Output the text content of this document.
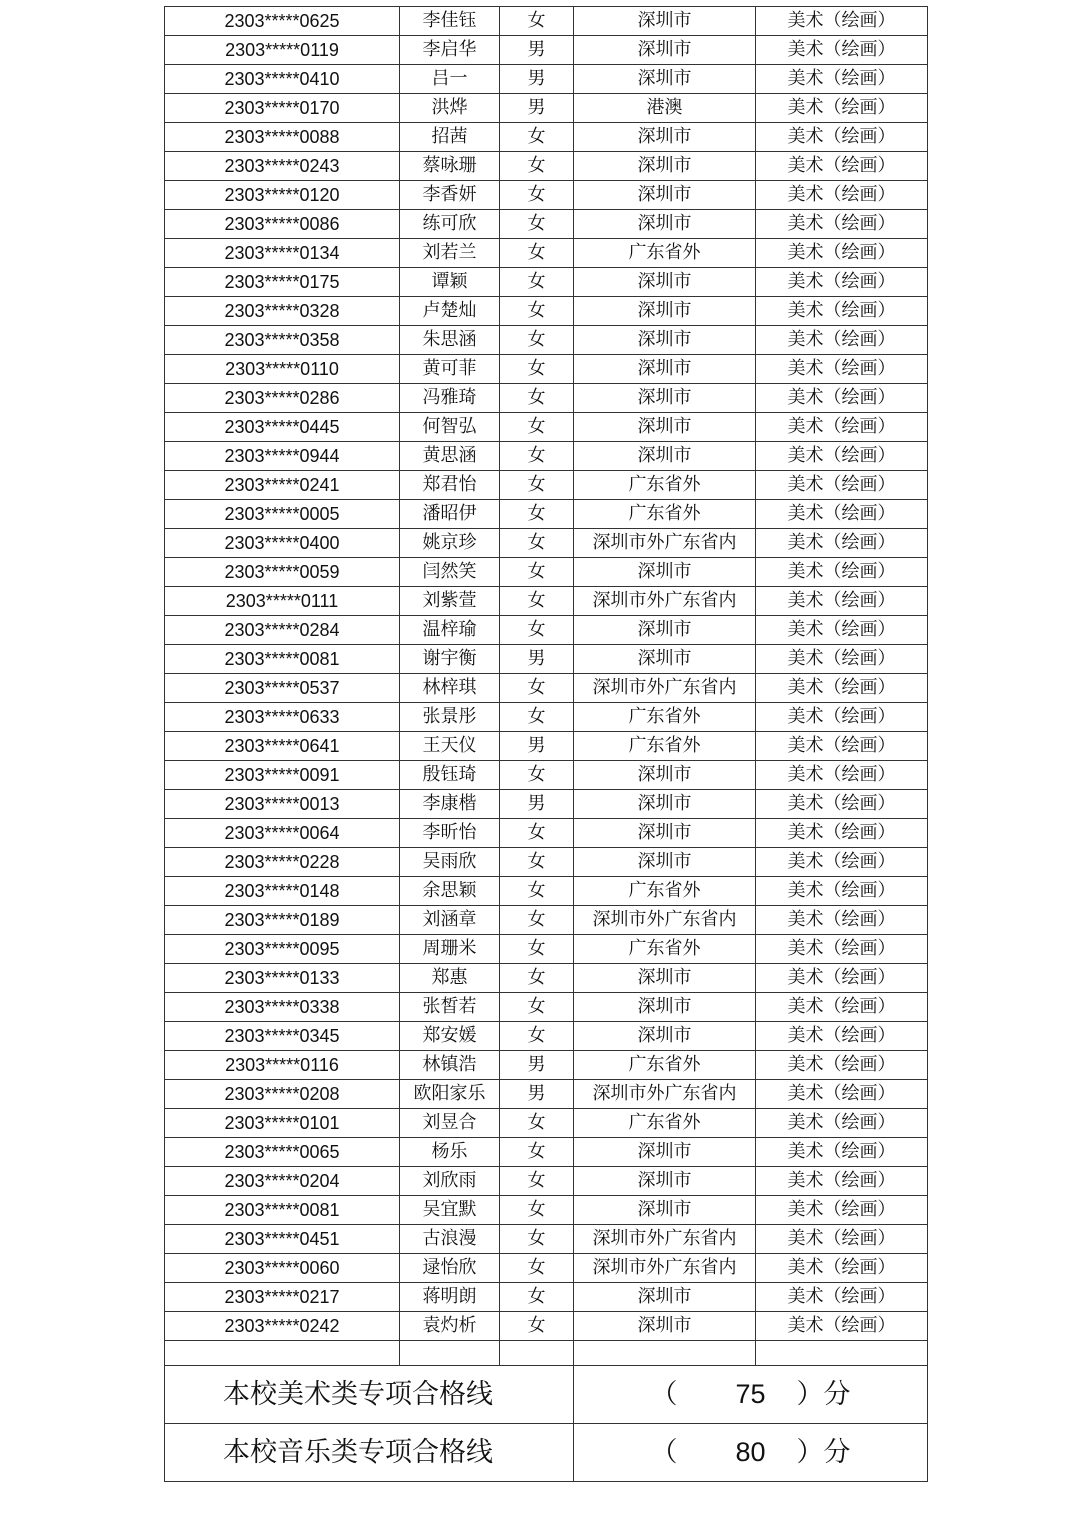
2303*****0625	李佳钰	女	深圳市	美术（绘画）
2303*****0119	李启华	男	深圳市	美术（绘画）
2303*****0410	吕一	男	深圳市	美术（绘画）
2303*****0170	洪烨	男	港澳	美术（绘画）
2303*****0088	招茜	女	深圳市	美术（绘画）
2303*****0243	蔡咏珊	女	深圳市	美术（绘画）
2303*****0120	李香妍	女	深圳市	美术（绘画）
2303*****0086	练可欣	女	深圳市	美术（绘画）
2303*****0134	刘若兰	女	广东省外	美术（绘画）
2303*****0175	谭颖	女	深圳市	美术（绘画）
2303*****0328	卢楚灿	女	深圳市	美术（绘画）
2303*****0358	朱思涵	女	深圳市	美术（绘画）
2303*****0110	黄可菲	女	深圳市	美术（绘画）
2303*****0286	冯雅琦	女	深圳市	美术（绘画）
2303*****0445	何智弘	女	深圳市	美术（绘画）
2303*****0944	黄思涵	女	深圳市	美术（绘画）
2303*****0241	郑君怡	女	广东省外	美术（绘画）
2303*****0005	潘昭伊	女	广东省外	美术（绘画）
2303*****0400	姚京珍	女	深圳市外广东省内	美术（绘画）
2303*****0059	闫然笑	女	深圳市	美术（绘画）
2303*****0111	刘紫萱	女	深圳市外广东省内	美术（绘画）
2303*****0284	温梓瑜	女	深圳市	美术（绘画）
2303*****0081	谢宇衡	男	深圳市	美术（绘画）
2303*****0537	林梓琪	女	深圳市外广东省内	美术（绘画）
2303*****0633	张景彤	女	广东省外	美术（绘画）
2303*****0641	王天仪	男	广东省外	美术（绘画）
2303*****0091	殷钰琦	女	深圳市	美术（绘画）
2303*****0013	李康楷	男	深圳市	美术（绘画）
2303*****0064	李昕怡	女	深圳市	美术（绘画）
2303*****0228	吴雨欣	女	深圳市	美术（绘画）
2303*****0148	余思颖	女	广东省外	美术（绘画）
2303*****0189	刘涵章	女	深圳市外广东省内	美术（绘画）
2303*****0095	周珊米	女	广东省外	美术（绘画）
2303*****0133	郑惠	女	深圳市	美术（绘画）
2303*****0338	张皙若	女	深圳市	美术（绘画）
2303*****0345	郑安媛	女	深圳市	美术（绘画）
2303*****0116	林镇浩	男	广东省外	美术（绘画）
2303*****0208	欧阳家乐	男	深圳市外广东省内	美术（绘画）
2303*****0101	刘昱合	女	广东省外	美术（绘画）
2303*****0065	杨乐	女	深圳市	美术（绘画）
2303*****0204	刘欣雨	女	深圳市	美术（绘画）
2303*****0081	吴宜默	女	深圳市	美术（绘画）
2303*****0451	古浪漫	女	深圳市外广东省内	美术（绘画）
2303*****0060	逯怡欣	女	深圳市外广东省内	美术（绘画）
2303*****0217	蒋明朗	女	深圳市	美术（绘画）
2303*****0242	袁灼析	女	深圳市	美术（绘画）

本校美术类专项合格线			（ 75 ）分	
本校音乐类专项合格线			（ 80 ）分	
